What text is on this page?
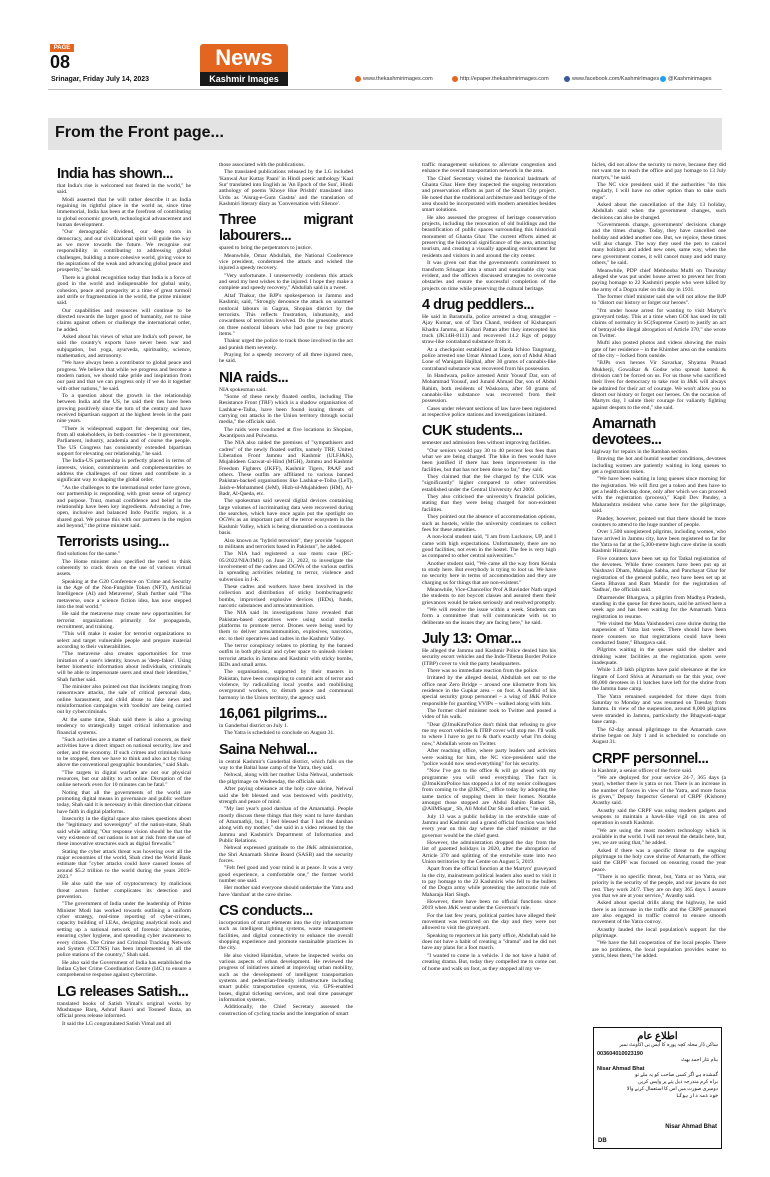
PAGE
08
Srinagar, Friday July 14, 2023
News
Kashmir Images	www.thekashmirimages.com	http://epaper.thekashmirimages.com	www.facebook.com/KashmirImages @Kashmirimages
From the Front page...
India has shown...

that India's rise is welcomed not feared in the world," he said.

Modi asserted that he will rather describe it as India regaining its rightful place in the world as, since time immemorial, India has been at the forefront of contributing to global economic growth, technological advancement and human development.

"Our demographic dividend, our deep roots in democracy, and our civilizational spirit will guide the way as we move towards the future. We recognise our responsibility in contributing to addressing global challenges, building a more cohesive world, giving voice to the aspirations of the weak and advancing global peace and prosperity," he said.

There is a global recognition today that India is a force of good in the world and indispensable for global unity, cohesion, peace and prosperity at a time of great turmoil and strife or fragmentation in the world, the prime minister said.

Our capabilities and resources will continue to be directed towards the larger good of humanity, not to raise claims against others or challenge the international order, he added.

Asked about his views of what are India's soft power, he said the country's exports have never been war and subjugation, but yoga, ayurveda, spirituality, science, mathematics, and astronomy.

"We have always been a contributor to global peace and progress. We believe that while we progress and become a modern nation, we should take pride and inspiration from our past and that we can progress only if we do it together with other nations," he said.

To a question about the growth in the relationship between India and the US, he said their ties have been growing positively since the turn of the century and have received bipartisan support at the highest levels in the past nine years.

"There is widespread support for deepening our ties, from all stakeholders, in both countries - be it government, Parliament, industry, academia and of course the people. The US Congress has consistently extended bipartisan support for elevating our relationship," he said.

The India-US partnership is perfectly placed in terms of interests, vision, commitments and complementarities to address the challenges of our times and contribute in a significant way to shaping the global order.

"As the challenges to the international order have grown, our partnership is responding with great sense of urgency and purpose. Trust, mutual confidence and belief in the relationship have been key ingredients. Advancing a free, open, inclusive and balanced Indo Pacific region, is a shared goal. We pursue this with our partners in the region and beyond," the prime minister said.

Terrorists using...

find solutions for the same."

The Home minister also specified the need to think coherently to crack down on the use of various virtual assets.

Speaking at the G20 Conference on 'Crime and Security in the Age of the Non-Fungible Token (NFT), Artificial Intelligence (AI) and Metaverse', Shah further said "The metaverse, once a science fiction idea, has now stepped into the real world."

He said the metaverse may create new opportunities for terrorist organizations primarily for propaganda, recruitment, and training.

"This will make it easier for terrorist organizations to select and target vulnerable people and prepare material according to their vulnerabilities.

"The metaverse also creates opportunities for true imitation of a user's identity, known as 'deep-fakes'. Using better biometric information about individuals, criminals will be able to impersonate users and steal their identities," Shah further said.

The minister also pointed out that incidents ranging from ransomware attacks, the sale of critical personal data, online harassment, and child abuse to fake news and misinformation campaigns with 'toolkits' are being carried out by cybercriminals.

At the same time, Shah said there is also a growing tendency to strategically target critical information and financial systems.

"Such activities are a matter of national concern, as their activities have a direct impact on national security, law and order, and the economy. If such crimes and criminals have to be stopped, then we have to think and also act by rising above the conventional geographic boundaries," said Shah.

"The targets in digital warfare are not our physical resources, but our ability to act online. Disruption of the online network even for 10 minutes can be fatal."

Noting that all the governments of the world are promoting digital means in governance and public welfare today, Shah said it is necessary in this direction that citizens have faith in digital platforms.

Insecurity in the digital space also raises questions about the "legitimacy and sovereignty" of the nation-state, Shah said while adding "Our response vision should be that the very existence of our nations is not at risk from the use of these innovative structures such as digital firewalls."

Stating the cyber attack threat was hovering over all the major economies of the world, Shah cited the World Bank estimate that "cyber attacks could have caused losses of around $5.2 trillion to the world during the years 2019-2023."

He also said the use of cryptocurrency by malicious threat actors further complicates its detection and prevention.

"The government of India under the leadership of Prime Minister Modi has worked towards outlining a uniform cyber strategy, real-time reporting of cyber-crimes, capacity building of LEAs, designing analytical tools and setting up a national network of forensic laboratories, ensuring cyber hygiene, and spreading cyber awareness to every citizen. The Crime and Criminal Tracking Network and System (CCTNS) has been implemented in all the police stations of the country," Shah said.

He also said the Government of India has established the Indian Cyber Crime Coordination Centre (I4C) to ensure a comprehensive response against cybercrime.

LG releases Satish...

translated books of Satish Vimal's original works by Mushtaque Barq, Ashraf Raavi and Tosneef Baza, an official press release informed.

It said the LG congratulated Satish Vimal and all

those associated with the publications.

The translated publications released by the LG included 'Kanwal Aur Kuttay Paani' in Hindi poetic anthology 'Kaal Sur' translated into English as 'An Epoch of the Sun', Hindi anthology of poems 'Khoye Hue Prishth' translated into Urdu as 'Aisrag-e-Gum Gashta' and the translation of Kashmiri literary diary as 'Conversation with Silence'.

Three migrant labourers...

spared to bring the perpetrators to justice.

Meanwhile, Omar Abdullah, the National Conference vice president, condemned the attack and wished the injured a speedy recovery.

"Very unfortunate. I unreservedly condemn this attack and send my best wishes to the injured. I hope they make a complete and speedy recovery," Abdullah said in a tweet.

Altaf Thakur, the BJP's spokesperson in Jammu and Kashmir, said, "Strongly denounce the attack on unarmed nonlocal labours in Gagran, Shopian district by the terrorists. This reflects frustration, inhumanity, and cowardness of terrorists involved. Do the gruesome attack on three nonlocal labours who had gone to buy grocery items."

Thakur urged the police to track those involved in the act and punish them severely.

Praying for a speedy recovery of all three injured men, he said.

NIA raids...

NIA spokesman said.

"Some of these newly floated outfits, including The Resistance Front (TRF) which is a shadow organisation of Lashkar-e-Taiba, have been found issuing threats of carrying out attacks in the Union territory through social media," the officials said.

The raids were conducted at five locations in Shopian, Awantipora and Pulwama.

The NIA also raided the premises of "sympathisers and cadres" of the newly floated outfits, namely TRF, United Liberation Front Jammu and Kashmir (ULFJ&K), Mujahideen Gazwat-ul-Hind (MGH), Jammu and Kashmir Freedom Fighters (JKFF), Kashmir Tigers, PAAF and others. These outfits are affiliated to various banned Pakistan-backed organisations like Lashkar-e-Toiba (LeT), Jaish-e-Mohammed (JeM), Hizb-ul-Mujahideen (HM), Al-Badr, Al-Qaeda, etc.

The spokesman said several digital devices containing large volumes of incriminating data were recovered during the searches, which have once again put the spotlight on OGWs as an important part of the terror ecosystem in the Kashmir Valley, which is being dismantled on a continuous basis.

Also known as "hybrid terrorists", they provide "support to militants and terrorists based in Pakistan", he added.

The NIA had registered a suo motu case (RC-05/2022/NIA/JMU) on June 21, 2022, to investigate the involvement of the cadres and OGWs of the various outfits in spreading activities relating to terror, violence and subversion in J-K.

These cadres and workers have been involved in the collection and distribution of sticky bombs/magnetic bombs, improvised explosive devices (IEDs), funds, narcotic substances and arms/ammunition.

The NIA said its investigations have revealed that Pakistan-based operatives were using social media platforms to promote terror. Drones were being used by them to deliver arms/ammunition, explosives, narcotics, etc. to their operatives and cadres in the Kashmir Valley.

The terror conspiracy relates to plotting by the banned outfits in both physical and cyber space to unleash violent terrorist attacks in Jammu and Kashmir with sticky bombs, IEDs and small arms.

The organisations, supported by their masters in Pakistan, have been conspiring to commit acts of terror and violence, by radicalizing local youths and mobilising overground workers, to disturb peace and communal harmony in the Union territory, the agency said.

16,061 pilgrims...

in Ganderbal district on July 1.

The Yatra is scheduled to conclude on August 31.

Saina Nehwal...

in central Kashmir's Ganderbal district, which falls on the way to the Baltal base camp of the Yatra, they said.

Nehwal, along with her mother Usha Nehwal, undertook the pilgrimage on Wednesday, the officials said.

After paying obeisance at the holy cave shrine, Nehwal said she felt blessed and was bestowed with positivity, strength and peace of mind.

"My last year's good darshan of the Amarnathji. People mostly discuss these things that they want to have darshan of Amarnathji, but, I feel blessed that I had the darshan along with my mother," she said in a video released by the Jammu and Kashmir's Department of Information and Public Relations.

Nehwal expressed gratitude to the J&K administration, the Shri Amarnath Shrine Board (SASB) and the security forces.

"Felt feel good and your mind is at peace. It was a very good experience, a comfortable one," the former world number one said.

Her mother said everyone should undertake the Yatra and have 'darshan' at the cave shrine.

CS conducts...

incorporation of smart elements into the city infrastructure such as intelligent lighting systems, waste management facilities, and digital connectivity to enhance the overall shopping experience and promote sustainable practices in the city.

He also visited Hamidan, where he inspected works on various aspects of urban development. He reviewed the progress of initiatives aimed at improving urban mobility, such as the development of intelligent transportation systems and pedestrian-friendly infrastructure including smart public transportation systems, viz. GPS-enabled buses, digital ticketing services, and real time passenger information systems.

Additionally, the Chief Secretary assessed the construction of cycling tracks and the integration of smart

traffic management solutions to alleviate congestion and enhance the overall transportation network in the area.

The Chief Secretary visited the historical landmark of Ghanta Ghar. Here they inspected the ongoing restoration and preservation efforts as part of the Smart City project. He noted that the traditional architecture and heritage of the area should be incorporated with modern amenities besides smart solutions.

He also assessed the progress of heritage conservation projects, including the renovation of old buildings and the beautification of public spaces surrounding this historical monument of Ghanta Ghar. The current efforts aimed at preserving the historical significance of the area, attracting tourism, and creating a visually appealing environment for residents and visitors in and around the city center.

It was given out that the government's commitment to transform Srinagar into a smart and sustainable city was evident, and the officers discussed strategies to overcome obstacles and ensure the successful completion of the projects on time while preserving the cultural heritage.

4 drug peddlers...

He said in Baramulla, police arrested a drug smuggler – Ajay Kumar, son of Tara Chand, resident of Kishanpuri Khadra Jammu, at Kabari Pattan after they intercepted his truck (JK14H-8113) and recovered 14.2 Kgs of poppy straw-like contraband substance from it.

At a checkpoint established at Harda Ichloo Tangmarg, police arrested one Umar Ahmad Lone, son of Abdul Ahad Lone of Wanigam Hajibal, after 30 grams of cannabis-like contraband substance was recovered from his possession.

In Handwara, police arrested Amir Yousuf Dar, son of Mohammad Yousuf, and Junaid Ahmad Dar, son of Abdul Rahim, both residents of Waskoora, after 50 grams of cannabis-like substance was recovered from their possession.

Cases under relevant sections of law have been registered at respective police stations and investigations initiated.

CUK students...

semester and admission fees without improving facilities.

"Our seniors would pay 30 to 40 percent less fees than what we are being charged. The hike in fees would have been justified if there has been improvement in the facilities, but that has not been done so far," they said.

They claimed that the fee charged by the CUK was "significantly" higher compared to other universities established under the Central University Act 2009.

They also criticised the university's financial policies, stating that they were being charged for non-existent facilities.

They pointed out the absence of accommodation options, such as hostels, while the university continues to collect fees for these amenities.

A non-local student said, "I am from Lucknow, UP, and I came with high expectations. Unfortunately, there are no good facilities, not even in the hostel. The fee is very high as compared to other central universities."

Another student said, "We came all the way from Kerala to study here. But everybody is trying to loot us. We have no security here in terms of accommodation and they are charging us for things that are non-existent."

Meanwhile, Vice-Chancellor Prof A Ravinder Nath urged the students to not boycott classes and assured them their grievances would be taken seriously and resolved promptly.

"We will resolve the issue within a week. Students can form a committee that will communicate with us to deliberate on the issues they are facing here," he said.

July 13: Omar...

He alleged the Jammu and Kashmir Police denied him his security escort vehicles and the Indo-Tibetan Border Police (ITBP) cover to visit the party headquarters.

There was no immediate reaction from the police.

Irritated by the alleged denial, Abdullah set out to the office near Zero Bridge – around one kilometre from his residence in the Gupkar area – on foot. A handful of his special security group personnel – a wing of J&K Police responsible for guarding VVIPs – walked along with him.

The former chief minister took to Twitter and posted a video of his walk.

"Dear @JmuKmrPolice don't think that refusing to give me my escort vehicles & ITBP cover will stop me. I'll walk to where I have to get to & that's exactly what I'm doing now," Abdullah wrote on Twitter.

After reaching office, where party leaders and activists were waiting for him, the NC vice-president said the "police would now send everything" for his security.

"Now I've got to the office & will go ahead with my programme you will send everything. The fact is @JmuKmrPolice has stopped a lot of my senior colleagues from coming to the @JKNC_ office today by adopting the same tactics of stopping them in their homes. Notable amongst those stopped are Abdul Rahim Rather Sb, @AliMSagar_ Sb, Ali Mohd Dar Sb and others," he said.

July 13 was a public holiday in the erstwhile state of Jammu and Kashmir and a grand official function was held every year on this day where the chief minister or the governor would be the chief guest.

However, the administration dropped the day from the list of gazetted holidays in 2020, after the abrogation of Article 370 and splitting of the erstwhile state into two Union territories by the Centre on August 5, 2019.

Apart from the official function at the Martyrs' graveyard in the city, mainstream political leaders also used to visit it to pay homage to the 22 Kashmiris who fell to the bullets of the Dogra army while protesting the autocratic rule of Maharaja Hari Singh.

However, there have been no official functions since 2019 when J&K went under the Governor's rule.

For the last few years, political parties have alleged their movement was restricted on the day and they were not allowed to visit the graveyard.

Speaking to reporters at his party office, Abdullah said he does not have a habit of creating a "drama" and he did not have any plans for a foot march.

"I wanted to come in a vehicle. I do not have a habit of creating drama. But, today they compelled me to come out of home and walk on foot, as they stopped all my ve-

hicles, did not allow the security to move, because they did not want me to reach the office and pay homage to 13 July martyrs," he said.

The NC vice president said if the authorities "do this regularly, I will have no other option than to take such steps".

Asked about the cancellation of the July 13 holiday, Abdullah said when the government changes, such decisions can also be changed.

"Governments change, governments' decisions change and the times change. Today, they have cancelled one holiday and added another one. But, we rejoice, these times will also change. The way they used the pen to cancel many holidays and added new ones, same way, when the new government comes, it will cancel many and add many others," he said.

Meanwhile, PDP chief Mehbooba Mufti on Thursday alleged she was put under house arrest to prevent her from paying homage to 22 Kashmiri people who were killed by the army of a Dogra ruler on this day in 1931.

The former chief minister said she will not allow the BJP to "distort our history or forget our heroes".

"I'm under house arrest for wanting to visit Martyr's graveyard today. This at a time when GOI has used its tall claims of normalcy in SC(Supreme Court) to justify an act of betrayal-the illegal abrogation of Article 370," she wrote on Twitter.

Mufti also posted photos and videos showing the main gate of her residence – in the Khimber area on the outskirts of the city – locked from outside.

"BJPs own heroes Vir Savarkar, Shyama Prasad Mukherji, Gowalkar & Godse who spread hatred & division can't be forced on us. For us those who sacrificed their lives for democracy to take root in J&K will always be admired for their act of courage. We won't allow you to distort our history or forget our heroes. On the occasion of Martyrs day, I salute their courage for valiantly fighting against despots to the end," she said.

Amarnath devotees...

highway for repairs in the Ramban section.

Braving the hot and humid weather conditions, devotees including women are patiently waiting in long queues to get a registration token.

"We have been waiting in long queues since morning for the registration. We will first get a token and then have to get a health checkup done, only after which we can proceed with the registration (process)," Kapil Dev Pandey, a Maharashtra resident who came here for the pilgrimage, said.

Pandey, however, pointed out that there should be more counters to attend to the huge number of people.

Over 1,500 unregistered pilgrims, including women, who have arrived in Jammu city, have been registered so far for the Yatra so far at the 5,300-metre high cave shrine in south Kashmir Himalayas.

Five counters have been set up for Tatkal registration of the devotees. While three counters have been put up at Vaishnavi Dham, Mahajan Sabha, and Panchayat Ghar for registration of the general public, two have been set up at Geeta Bhavan and Ram Mandir for the registration of 'Sadhus', the officials said.

Dharmender Bhargava, a pilgrim from Madhya Pradesh, standing in the queue for three hours, said he arrived here a week ago and has been waiting for the Amarnath Yatra registration to resume.

"We visited the Mata Vaishnodevi cave shrine during the suspension of Yatra last week. There should have been more counters so that registrations could have been conducted faster," Bhargava said.

Pilgrims waiting in the queues said the shelter and drinking water facilities at the registration spots were inadequate.

While 1.49 lakh pilgrims have paid obeisance at the ice lingam of Lord Shiva at Amarnath so far this year, over 86,000 devotees in 11 batches have left for the shrine from the Jammu base camp.

The Yatra remained suspended for three days from Saturday to Monday and was resumed on Tuesday from Jammu. In view of the suspension, around 8,000 pilgrims were stranded in Jammu, particularly the Bhagwati-nagar base camp.

The 62-day annual pilgrimage to the Amarnath cave shrine began on July 1 and is scheduled to conclude on August 31.

CRPF personnel...

in Kashmir, a senior officer of the force said.

"We are deployed for your service 24-7, 365 days (a year), whether there is yatra or not. There is an increase in the number of forces in view of the Yatra, and more focus is given," Deputy Inspector General of CRPF (Kishore) Avasthy said.

Avasthy said the CRPF was using modern gadgets and weapons to maintain a hawk-like vigil on its area of operation in south Kashmir.

"We are using the most modern technology which is available in the world. I will not reveal the details here, but, yes, we are using that," he added.

Asked if there was a specific threat to the ongoing pilgrimage to the holy cave shrine of Amarnath, the officer said the CRPF was focused on ensuring round the year peace.

"There is no specific threat, but, Yatra or no Yatra, our priority is the security of the people, and our jawans do not rest. They work 24/7. They are on duty 365 days. I assure you that we are at your service," Avasthy said.

Asked about special drills along the highway, he said there is an increase in the traffic and the CRPF personnel are also engaged in traffic control to ensure smooth movement of the Yatra convoy.

Avasthy lauded the local population's support for the pilgrimage.

"We have the full cooperation of the local people. There are no problems, the local population provides water to yatris, bless them," he added.

اطلاع عام
ساکن ڈار محلہ کچہ پورہ کا ایس بی اکاونٹ نمبر
003604010023190
بنام نثار احمد بھٹ
Nisar Ahmad Bhat
گمشدہ ہے اگر کسی صاحب کو یہ ملے تو
براہ کرم مندرجہ ذیل پتے پر واپس کریں
دوسری صورت میں اس کا استعمال کرنے والا
خود ذمہ دار ہوگا
Nisar Ahmad Bhat
DB
